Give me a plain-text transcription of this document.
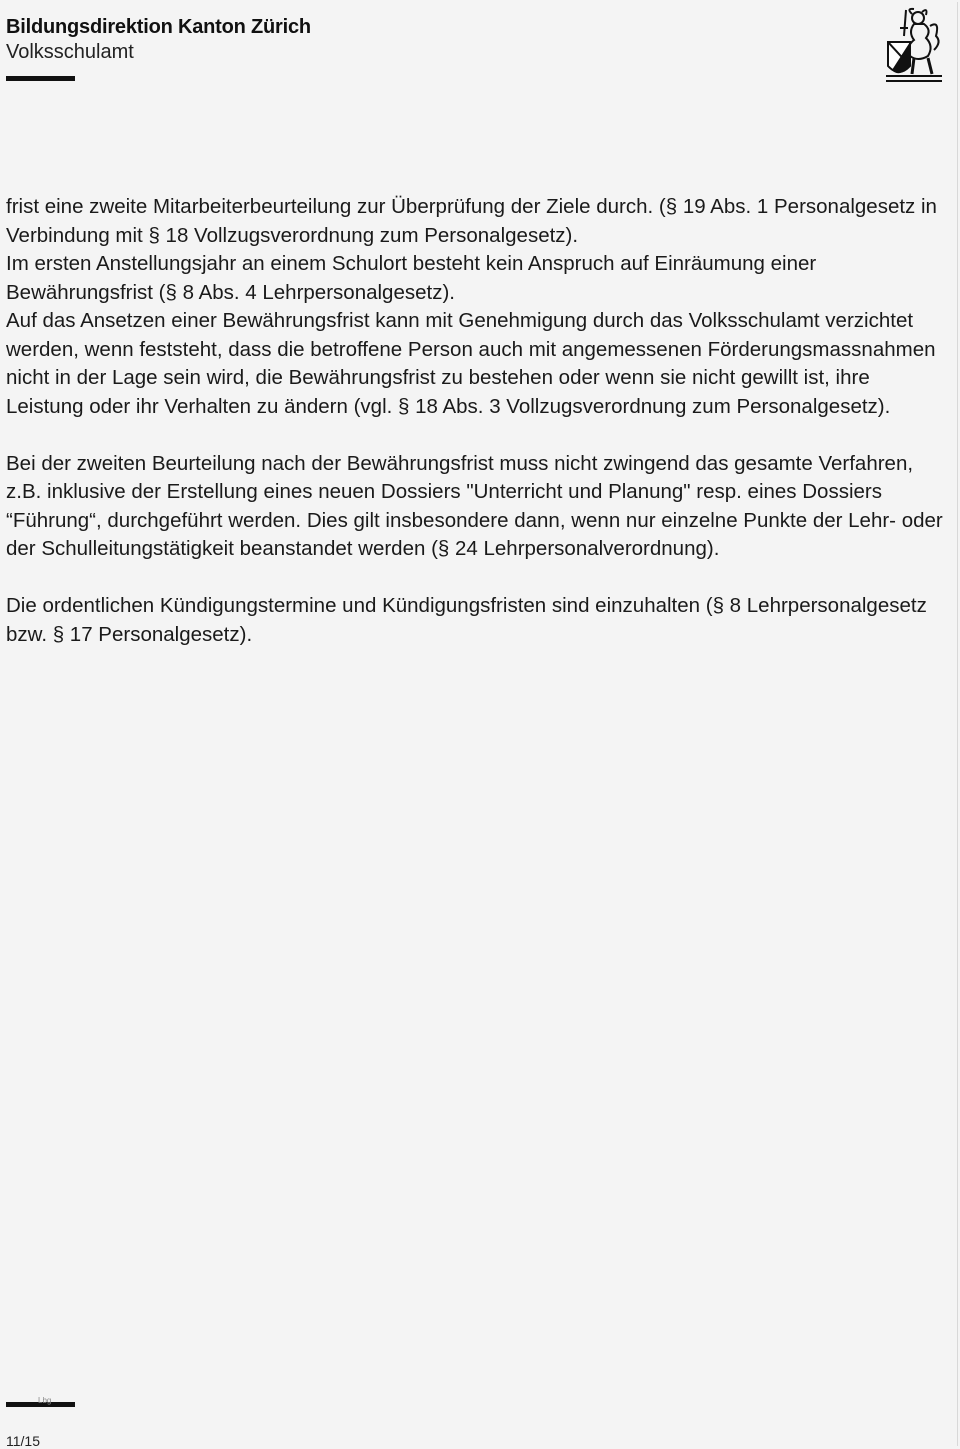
Bildungsdirektion Kanton Zürich

Volksschulamt

frist eine zweite Mitarbeiterbeurteilung zur Überprüfung der Ziele durch. (§ 19 Abs. 1 Personalgesetz in Verbindung mit § 18 Vollzugsverordnung zum Personalgesetz).

Im ersten Anstellungsjahr an einem Schulort besteht kein Anspruch auf Einräumung einer Bewährungsfrist (§ 8 Abs. 4 Lehrpersonalgesetz).

Auf das Ansetzen einer Bewährungsfrist kann mit Genehmigung durch das Volksschulamt verzichtet werden, wenn feststeht, dass die betroffene Person auch mit angemessenen Förderungsmassnahmen nicht in der Lage sein wird, die Bewährungsfrist zu bestehen oder wenn sie nicht gewillt ist, ihre Leistung oder ihr Verhalten zu ändern (vgl. § 18 Abs. 3 Vollzugsverordnung zum Personalgesetz).

Bei der zweiten Beurteilung nach der Bewährungsfrist muss nicht zwingend das gesamte Verfahren, z.B. inklusive der Erstellung eines neuen Dossiers "Unterricht und Planung" resp. eines Dossiers “Führung“, durchgeführt werden. Dies gilt insbesondere dann, wenn nur einzelne Punkte der Lehr- oder der Schulleitungstätigkeit beanstandet werden (§ 24 Lehrpersonalverordnung).

Die ordentlichen Kündigungstermine und Kündigungsfristen sind einzuhalten (§ 8 Lehrpersonalgesetz bzw. § 17 Personalgesetz).

Lbg
11/15
